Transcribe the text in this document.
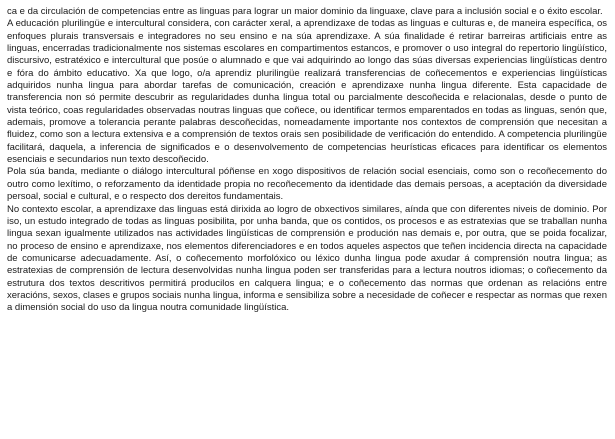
ca e da circulación de competencias entre as linguas para lograr un maior dominio da linguaxe, clave para a inclusión social e o éxito escolar.

A educación plurilingüe e intercultural considera, con carácter xeral, a aprendizaxe de todas as linguas e culturas e, de maneira específica, os enfoques plurais transversais e integradores no seu ensino e na súa aprendizaxe. A súa finalidade é retirar barreiras artificiais entre as linguas, encerradas tradicionalmente nos sistemas escolares en compartimentos estancos, e promover o uso integral do repertorio lingüístico, discursivo, estratéxico e intercultural que posúe o alumnado e que vai adquirindo ao longo das súas diversas experiencias lingüísticas dentro e fóra do ámbito educativo. Xa que logo, o/a aprendiz plurilingüe realizará transferencias de coñecementos e experiencias lingüísticas adquiridos nunha lingua para abordar tarefas de comunicación, creación e aprendizaxe nunha lingua diferente. Esta capacidade de transferencia non só permite descubrir as regularidades dunha lingua total ou parcialmente descoñecida e relacionalas, desde o punto de vista teórico, coas regularidades observadas noutras linguas que coñece, ou identificar termos emparentados en todas as linguas, senón que, ademais, promove a tolerancia perante palabras descoñecidas, nomeadamente importante nos contextos de comprensión que necesitan a fluidez, como son a lectura extensiva e a comprensión de textos orais sen posibilidade de verificación do entendido. A competencia plurilingüe facilitará, daquela, a inferencia de significados e o desenvolvemento de competencias heurísticas eficaces para identificar os elementos esenciais e secundarios nun texto descoñecido.

Pola súa banda, mediante o diálogo intercultural póñense en xogo dispositivos de relación social esenciais, como son o recoñecemento do outro como lexítimo, o reforzamento da identidade propia no recoñecemento da identidade das demais persoas, a aceptación da diversidade persoal, social e cultural, e o respecto dos dereitos fundamentais.

No contexto escolar, a aprendizaxe das linguas está dirixida ao logro de obxectivos similares, aínda que con diferentes niveis de dominio. Por iso, un estudo integrado de todas as linguas posibilita, por unha banda, que os contidos, os procesos e as estratexias que se traballan nunha lingua sexan igualmente utilizados nas actividades lingüísticas de comprensión e produción nas demais e, por outra, que se poida focalizar, no proceso de ensino e aprendizaxe, nos elementos diferenciadores e en todos aqueles aspectos que teñen incidencia directa na capacidade de comunicarse adecuadamente. Así, o coñecemento morfolóxico ou léxico dunha lingua pode axudar á comprensión noutra lingua; as estratexias de comprensión de lectura desenvolvidas nunha lingua poden ser transferidas para a lectura noutros idiomas; o coñecemento da estrutura dos textos descritivos permitirá producilos en calquera lingua; e o coñecemento das normas que ordenan as relacións entre xeracións, sexos, clases e grupos sociais nunha lingua, informa e sensibiliza sobre a necesidade de coñecer e respectar as normas que rexen a dimensión social do uso da lingua noutra comunidade lingüística.
